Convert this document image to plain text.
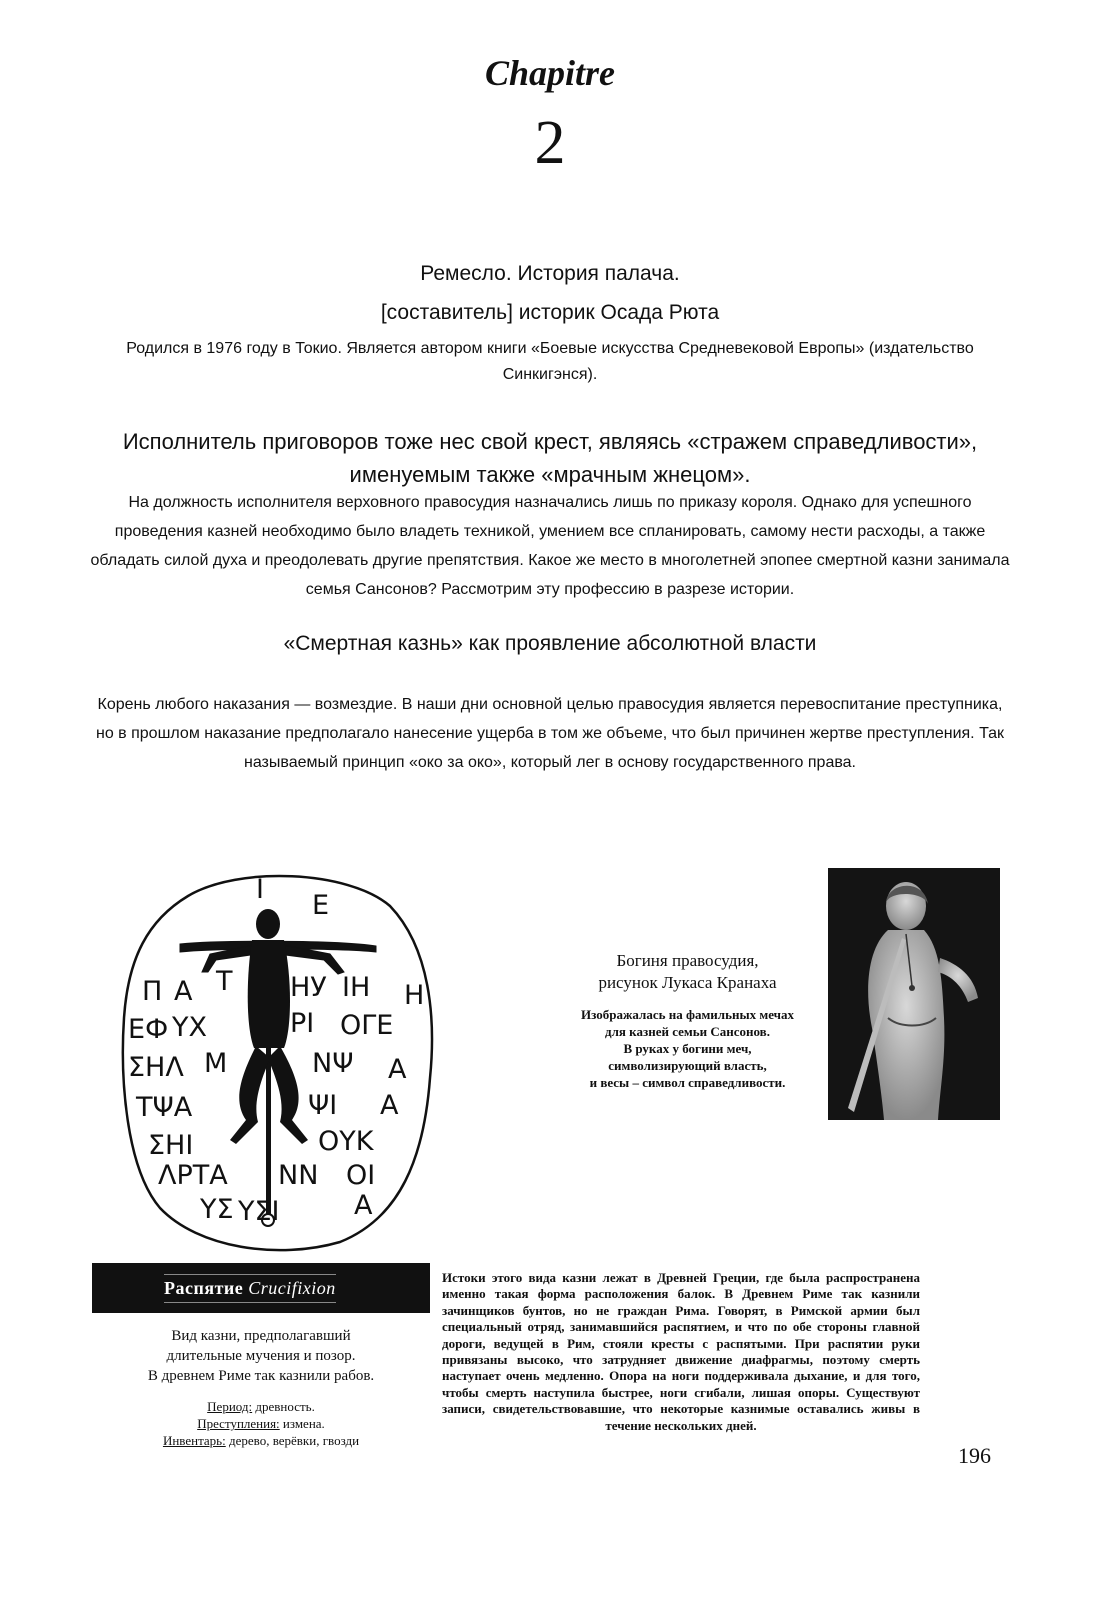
Chapitre
2
Ремесло. История палача.
[составитель] историк Осада Рюта
Родился в 1976 году в Токио. Является автором книги «Боевые искусства Средневековой Европы» (издательство Синкигэнся).
Исполнитель приговоров тоже нес свой крест, являясь «стражем справедливости», именуемым также «мрачным жнецом».
На должность исполнителя верховного правосудия назначались лишь по приказу короля. Однако для успешного проведения казней необходимо было владеть техникой, умением все спланировать, самому нести расходы, а также обладать силой духа и преодолевать другие препятствия. Какое же место в многолетней эпопее смертной казни занимала семья Сансонов? Рассмотрим эту профессию в разрезе истории.
«Смертная казнь» как проявление абсолютной власти
Корень любого наказания — возмездие. В наши дни основной целью правосудия является перевоспитание преступника, но в прошлом наказание предполагало нанесение ущерба в том же объеме, что был причинен жертве преступления. Так называемый принцип «око за око», который лег в основу государственного права.
I
E
П А Т НУ ІН Н
ЕФ ΥΧ	ΡΙ ΟΓΕ
ΣΗΛ Μ	ΝΨ Α
ΤΨΑ	ΨΙ Α
ΣΗΙ	ΟΥΚ
ΛΡΤΑ ΝΝ ΟΙ
ΥΣ	Α
ΥΣΙ
Богиня правосудия,
рисунок Лукаса Кранаха
Изображалась на фамильных мечах
для казней семьи Сансонов.
В руках у богини меч,
символизирующий власть,
и весы – символ справедливости.
Распятие Crucifixion
Вид казни, предполагавший
длительные мучения и позор.
В древнем Риме так казнили рабов.
Период: древность.
Преступления: измена.
Инвентарь: дерево, верёвки, гвозди
Истоки этого вида казни лежат в Древней Греции, где была распространена именно такая форма расположения балок. В Древнем Риме так казнили зачинщиков бунтов, но не граждан Рима. Говорят, в Римской армии был специальный отряд, занимавшийся распятием, и что по обе стороны главной дороги, ведущей в Рим, стояли кресты с распятыми. При распятии руки привязаны высоко, что затрудняет движение диафрагмы, поэтому смерть наступает очень медленно. Опора на ноги поддерживала дыхание, и для того, чтобы смерть наступила быстрее, ноги сгибали, лишая опоры. Существуют записи, свидетельствовавшие, что некоторые казнимые оставались живы в течение нескольких дней.
196
